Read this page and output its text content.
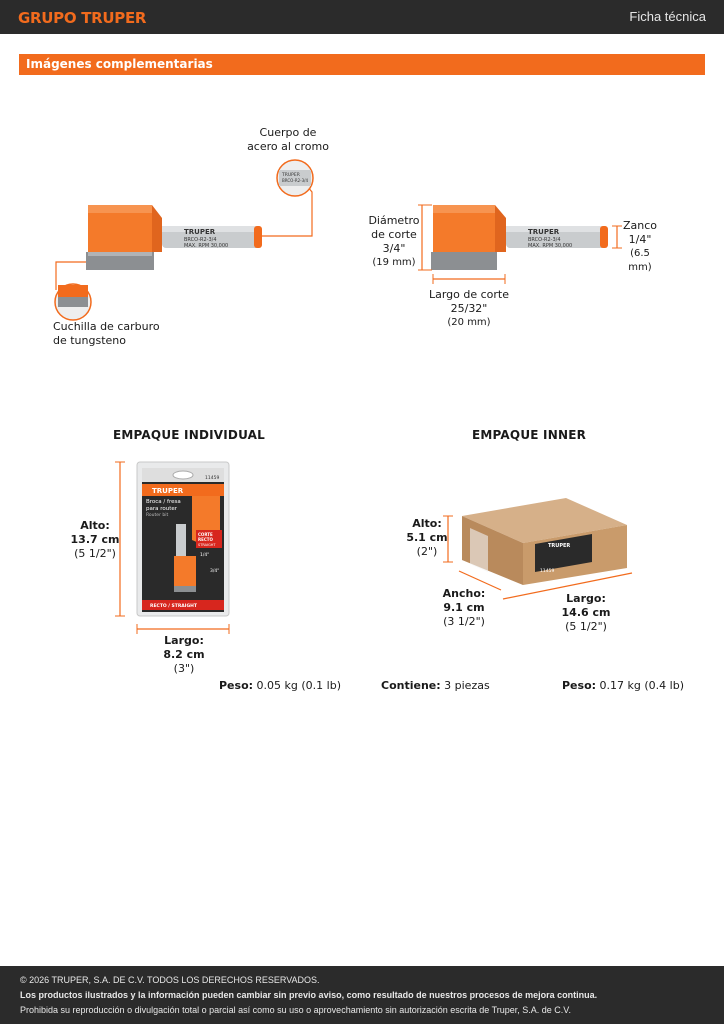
GRUPO TRUPER	Ficha técnica
Imágenes complementarias
TRUPER
BRCO-R2-3/4
TRUPER
BRCO-R2-3/4
MAX. RPM 30,000
Cuerpo de
acero al cromo
Cuchilla de carburo
de tungsteno
TRUPER
BRCO-R2-3/4
MAX. RPM 30,000
Diámetro
de corte
3/4"
(19 mm)
Zanco
1/4"
(6.5 mm)
Largo de corte
25/32"
(20 mm)
EMPAQUE INDIVIDUAL
TRUPER
11459
Broca / fresa
para router
Router bit
CORTE
RECTO
STRAIGHT
1/4"
3/4"
RECTO / STRAIGHT
Alto:
13.7 cm
(5 1/2")
Largo:
8.2 cm
(3")
Peso: 0.05 kg (0.1 lb)
EMPAQUE INNER
TRUPER
11459
Alto:
5.1 cm
(2")
Ancho:
9.1 cm
(3 1/2")
Largo:
14.6 cm
(5 1/2")
Contiene: 3 piezas	Peso: 0.17 kg (0.4 lb)
© 2026 TRUPER, S.A. DE C.V. TODOS LOS DERECHOS RESERVADOS.
Los productos ilustrados y la información pueden cambiar sin previo aviso, como resultado de nuestros procesos de mejora continua.
Prohibida su reproducción o divulgación total o parcial así como su uso o aprovechamiento sin autorización escrita de Truper, S.A. de C.V.
